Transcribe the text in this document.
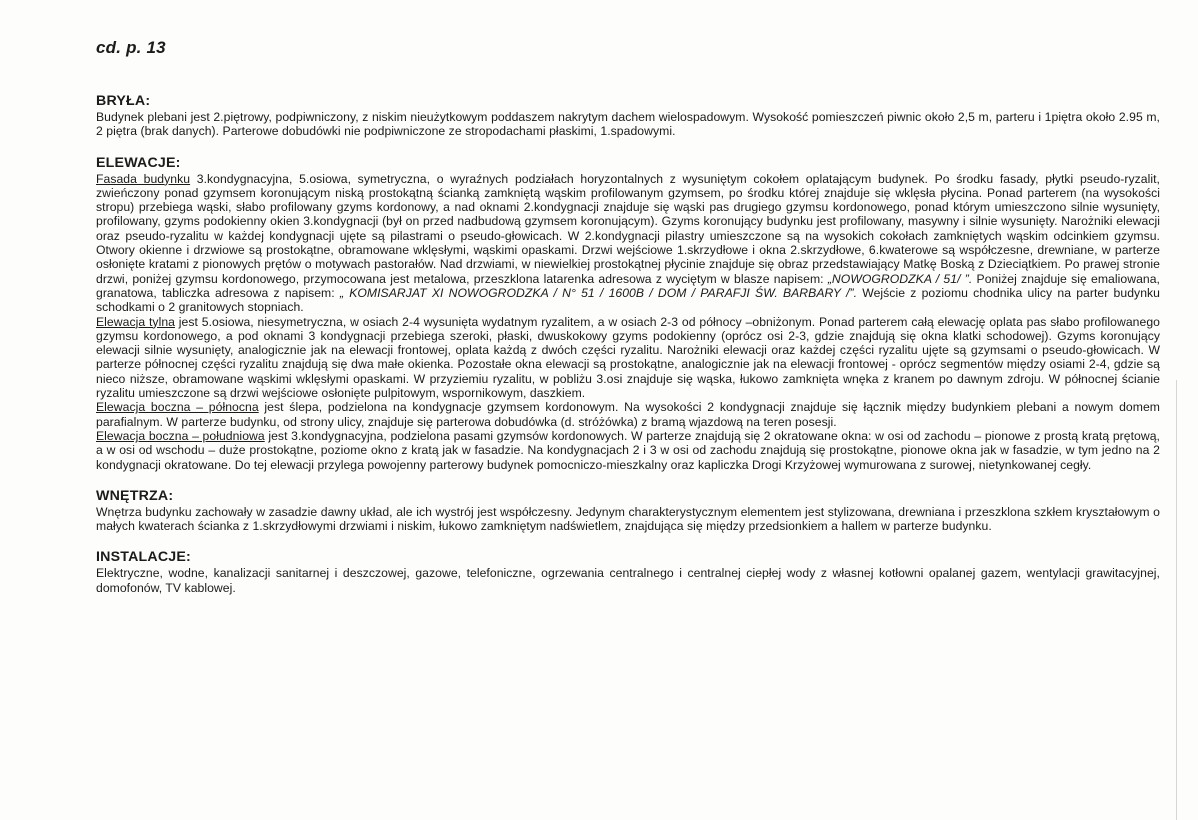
cd. p. 13
BRYŁA:

Budynek plebani jest 2.piętrowy, podpiwniczony, z niskim nieużytkowym poddaszem nakrytym dachem wielospadowym. Wysokość pomieszczeń piwnic około 2,5 m, parteru i 1piętra około 2.95 m, 2 piętra (brak danych). Parterowe dobudówki nie podpiwniczone ze stropodachami płaskimi, 1.spadowymi.

ELEWACJE:

Fasada budynku 3.kondygnacyjna, 5.osiowa, symetryczna, o wyraźnych podziałach horyzontalnych z wysuniętym cokołem oplatającym budynek. Po środku fasady, płytki pseudo-ryzalit, zwieńczony ponad gzymsem koronującym niską prostokątną ścianką zamkniętą wąskim profilowanym gzymsem, po środku której znajduje się wklęsła płycina. Ponad parterem (na wysokości stropu) przebiega wąski, słabo profilowany gzyms kordonowy, a nad oknami 2.kondygnacji znajduje się wąski pas drugiego gzymsu kordonowego, ponad którym umieszczono silnie wysunięty, profilowany, gzyms podokienny okien 3.kondygnacji (był on przed nadbudową gzymsem koronującym). Gzyms koronujący budynku jest profilowany, masywny i silnie wysunięty. Narożniki elewacji oraz pseudo-ryzalitu w każdej kondygnacji ujęte są pilastrami o pseudo-głowicach. W 2.kondygnacji pilastry umieszczone są na wysokich cokołach zamkniętych wąskim odcinkiem gzymsu. Otwory okienne i drzwiowe są prostokątne, obramowane wklęsłymi, wąskimi opaskami. Drzwi wejściowe 1.skrzydłowe i okna 2.skrzydłowe, 6.kwaterowe są współczesne, drewniane, w parterze osłonięte kratami z pionowych prętów o motywach pastorałów. Nad drzwiami, w niewielkiej prostokątnej płycinie znajduje się obraz przedstawiający Matkę Boską z Dzieciątkiem. Po prawej stronie drzwi, poniżej gzymsu kordonowego, przymocowana jest metalowa, przeszklona latarenka adresowa z wyciętym w blasze napisem: „NOWOGRODZKA / 51/ ”. Poniżej znajduje się emaliowana, granatowa, tabliczka adresowa z napisem: „ KOMISARJAT XI NOWOGRODZKA / N° 51 / 1600B / DOM / PARAFJI ŚW. BARBARY /”. Wejście z poziomu chodnika ulicy na parter budynku schodkami o 2 granitowych stopniach.

Elewacja tylna jest 5.osiowa, niesymetryczna, w osiach 2-4 wysunięta wydatnym ryzalitem, a w osiach 2-3 od północy –obniżonym. Ponad parterem całą elewację oplata pas słabo profilowanego gzymsu kordonowego, a pod oknami 3 kondygnacji przebiega szeroki, płaski, dwuskokowy gzyms podokienny (oprócz osi 2-3, gdzie znajdują się okna klatki schodowej). Gzyms koronujący elewacji silnie wysunięty, analogicznie jak na elewacji frontowej, oplata każdą z dwóch części ryzalitu. Narożniki elewacji oraz każdej części ryzalitu ujęte są gzymsami o pseudo-głowicach. W parterze północnej części ryzalitu znajdują się dwa małe okienka. Pozostałe okna elewacji są prostokątne, analogicznie jak na elewacji frontowej - oprócz segmentów między osiami 2-4, gdzie są nieco niższe, obramowane wąskimi wklęsłymi opaskami. W przyziemiu ryzalitu, w pobliżu 3.osi znajduje się wąska, łukowo zamknięta wnęka z kranem po dawnym zdroju. W północnej ścianie ryzalitu umieszczone są drzwi wejściowe osłonięte pulpitowym, wspornikowym, daszkiem.

Elewacja boczna – północna jest ślepa, podzielona na kondygnacje gzymsem kordonowym. Na wysokości 2 kondygnacji znajduje się łącznik między budynkiem plebani a nowym domem parafialnym. W parterze budynku, od strony ulicy, znajduje się parterowa dobudówka (d. stróżówka) z bramą wjazdową na teren posesji.

Elewacja boczna – południowa jest 3.kondygnacyjna, podzielona pasami gzymsów kordonowych. W parterze znajdują się 2 okratowane okna: w osi od zachodu – pionowe z prostą kratą prętową, a w osi od wschodu – duże prostokątne, poziome okno z kratą jak w fasadzie. Na kondygnacjach 2 i 3 w osi od zachodu znajdują się prostokątne, pionowe okna jak w fasadzie, w tym jedno na 2 kondygnacji okratowane. Do tej elewacji przylega powojenny parterowy budynek pomocniczo-mieszkalny oraz kapliczka Drogi Krzyżowej wymurowana z surowej, nietynkowanej cegły.

WNĘTRZA:

Wnętrza budynku zachowały w zasadzie dawny układ, ale ich wystrój jest współczesny. Jedynym charakterystycznym elementem jest stylizowana, drewniana i przeszklona szkłem kryształowym o małych kwaterach ścianka z 1.skrzydłowymi drzwiami i niskim, łukowo zamkniętym nadświetlem, znajdująca się między przedsionkiem a hallem w parterze budynku.

INSTALACJE:

Elektryczne, wodne, kanalizacji sanitarnej i deszczowej, gazowe, telefoniczne, ogrzewania centralnego i centralnej ciepłej wody z własnej kotłowni opalanej gazem, wentylacji grawitacyjnej, domofonów, TV kablowej.
